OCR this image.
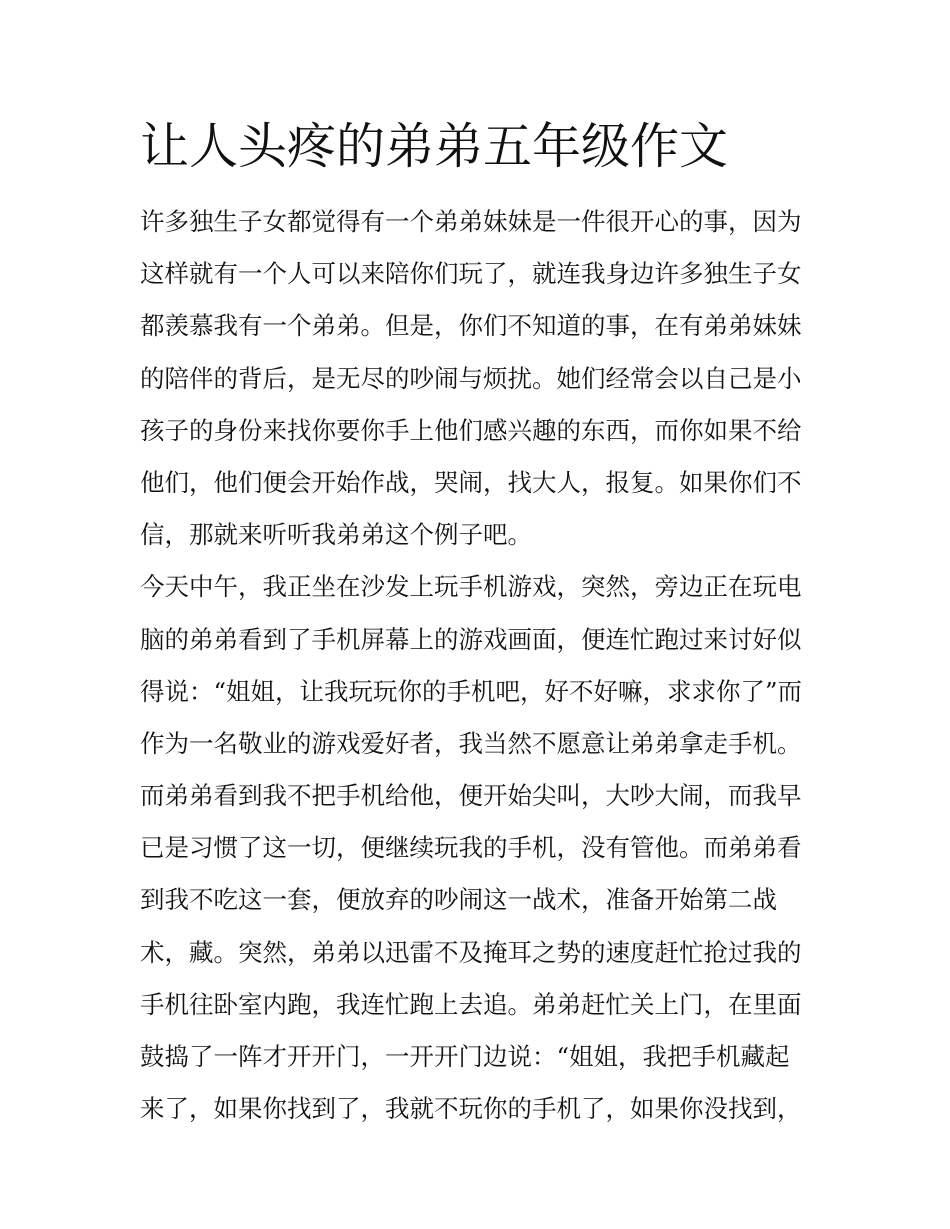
让人头疼的弟弟五年级作文
许多独生子女都觉得有一个弟弟妹妹是一件很开心的事，因为
这样就有一个人可以来陪你们玩了，就连我身边许多独生子女
都羡慕我有一个弟弟。但是，你们不知道的事，在有弟弟妹妹
的陪伴的背后，是无尽的吵闹与烦扰。她们经常会以自己是小
孩子的身份来找你要你手上他们感兴趣的东西，而你如果不给
他们，他们便会开始作战，哭闹，找大人，报复。如果你们不
信，那就来听听我弟弟这个例子吧。
今天中午，我正坐在沙发上玩手机游戏，突然，旁边正在玩电
脑的弟弟看到了手机屏幕上的游戏画面，便连忙跑过来讨好似
得说：“姐姐，让我玩玩你的手机吧，好不好嘛，求求你了”而
作为一名敬业的游戏爱好者，我当然不愿意让弟弟拿走手机。
而弟弟看到我不把手机给他，便开始尖叫，大吵大闹，而我早
已是习惯了这一切，便继续玩我的手机，没有管他。而弟弟看
到我不吃这一套，便放弃的吵闹这一战术，准备开始第二战
术，藏。突然，弟弟以迅雷不及掩耳之势的速度赶忙抢过我的
手机往卧室内跑，我连忙跑上去追。弟弟赶忙关上门，在里面
鼓捣了一阵才开开门，一开开门边说：“姐姐，我把手机藏起
来了，如果你找到了，我就不玩你的手机了，如果你没找到，
